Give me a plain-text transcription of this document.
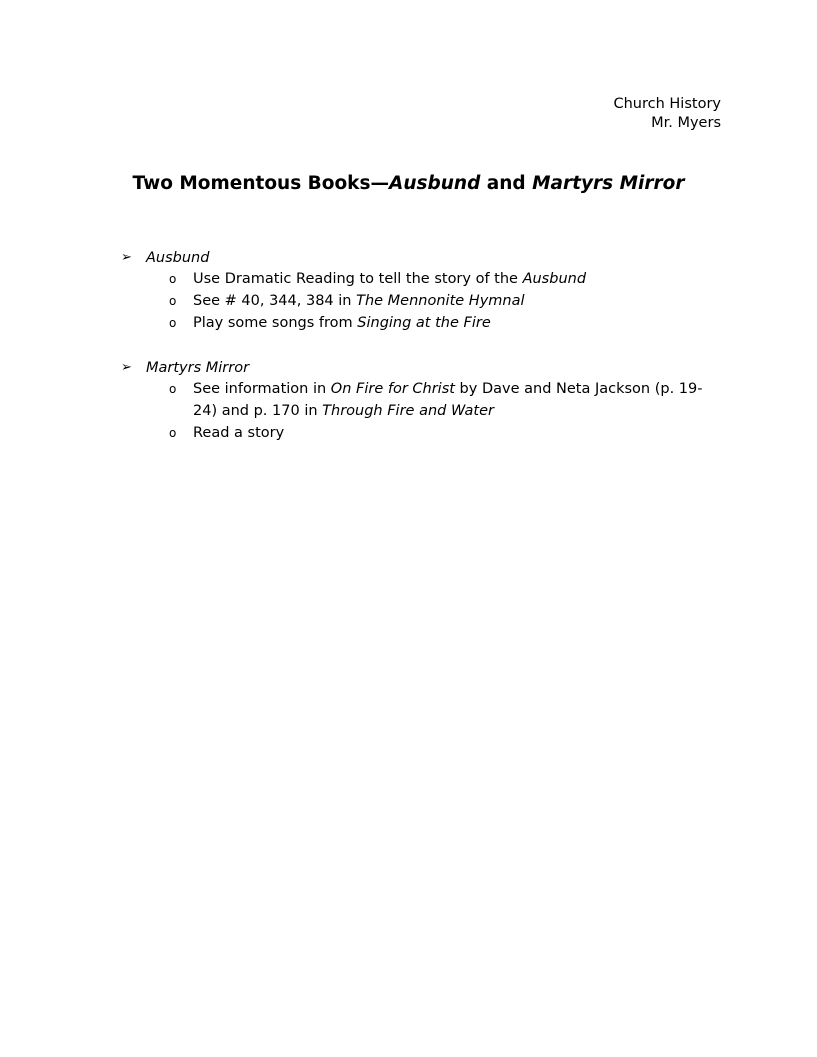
Church History
Mr. Myers
Two Momentous Books—Ausbund and Martyrs Mirror
➢ Ausbund
o Use Dramatic Reading to tell the story of the Ausbund
o See # 40, 344, 384 in The Mennonite Hymnal
o Play some songs from Singing at the Fire
➢ Martyrs Mirror
o See information in On Fire for Christ by Dave and Neta Jackson (p. 19-24) and p. 170 in Through Fire and Water
o Read a story
